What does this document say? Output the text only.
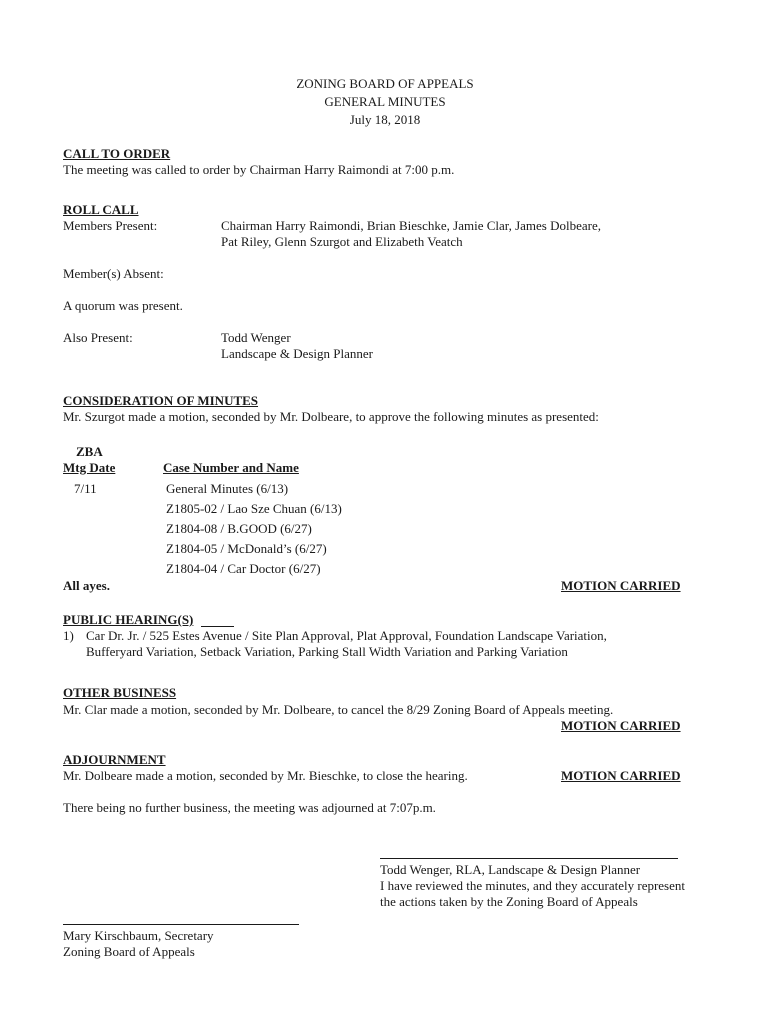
ZONING BOARD OF APPEALS
GENERAL MINUTES
July 18, 2018
CALL TO ORDER
The meeting was called to order by Chairman Harry Raimondi at 7:00 p.m.
ROLL CALL
Members Present:	Chairman Harry Raimondi, Brian Bieschke, Jamie Clar, James Dolbeare,
Pat Riley, Glenn Szurgot and Elizabeth Veatch
Member(s) Absent:
A quorum was present.
Also Present:	Todd Wenger
Landscape & Design Planner
CONSIDERATION OF MINUTES
Mr. Szurgot made a motion, seconded by Mr. Dolbeare, to approve the following minutes as presented:
ZBA
Mtg Date	Case Number and Name
7/11	General Minutes (6/13)
Z1805-02 / Lao Sze Chuan (6/13)
Z1804-08 / B.GOOD (6/27)
Z1804-05 / McDonald’s (6/27)
Z1804-04 / Car Doctor (6/27)
All ayes.	MOTION CARRIED
PUBLIC HEARING(S)
1) Car Dr. Jr. / 525 Estes Avenue / Site Plan Approval, Plat Approval, Foundation Landscape Variation,
Bufferyard Variation, Setback Variation, Parking Stall Width Variation and Parking Variation
OTHER BUSINESS
Mr. Clar made a motion, seconded by Mr. Dolbeare, to cancel the 8/29 Zoning Board of Appeals meeting.
MOTION CARRIED
ADJOURNMENT
Mr. Dolbeare made a motion, seconded by Mr. Bieschke, to close the hearing.	MOTION CARRIED
There being no further business, the meeting was adjourned at 7:07p.m.
Todd Wenger, RLA, Landscape & Design Planner
I have reviewed the minutes, and they accurately represent
the actions taken by the Zoning Board of Appeals
Mary Kirschbaum, Secretary
Zoning Board of Appeals
